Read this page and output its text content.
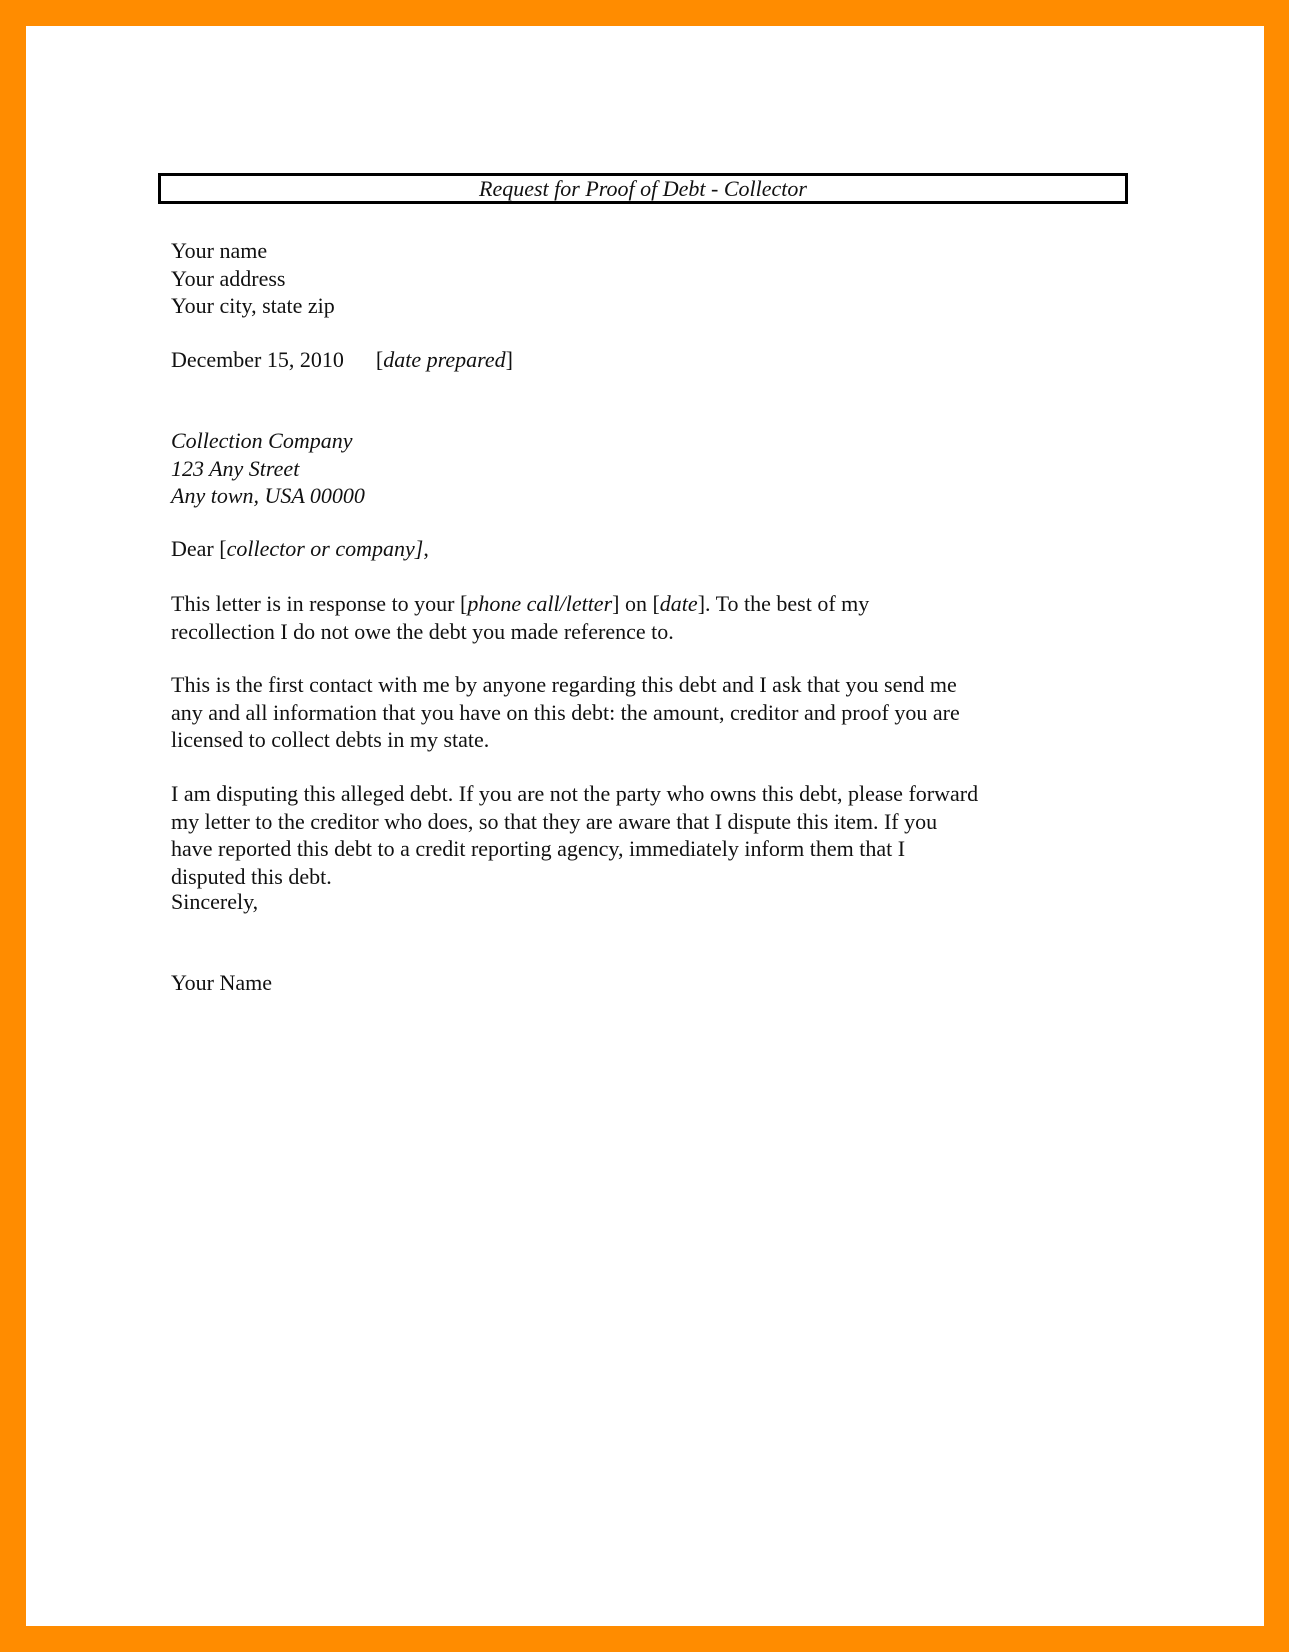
Request for Proof of Debt - Collector

Your name

Your address

Your city, state zip

December 15, 2010 [date prepared]

Collection Company

123 Any Street

Any town, USA 00000

Dear [collector or company],

This letter is in response to your [phone call/letter] on [date]. To the best of my

recollection I do not owe the debt you made reference to.

This is the first contact with me by anyone regarding this debt and I ask that you send me

any and all information that you have on this debt: the amount, creditor and proof you are

licensed to collect debts in my state.

I am disputing this alleged debt. If you are not the party who owns this debt, please forward

my letter to the creditor who does, so that they are aware that I dispute this item. If you

have reported this debt to a credit reporting agency, immediately inform them that I

disputed this debt.

Sincerely,

Your Name
